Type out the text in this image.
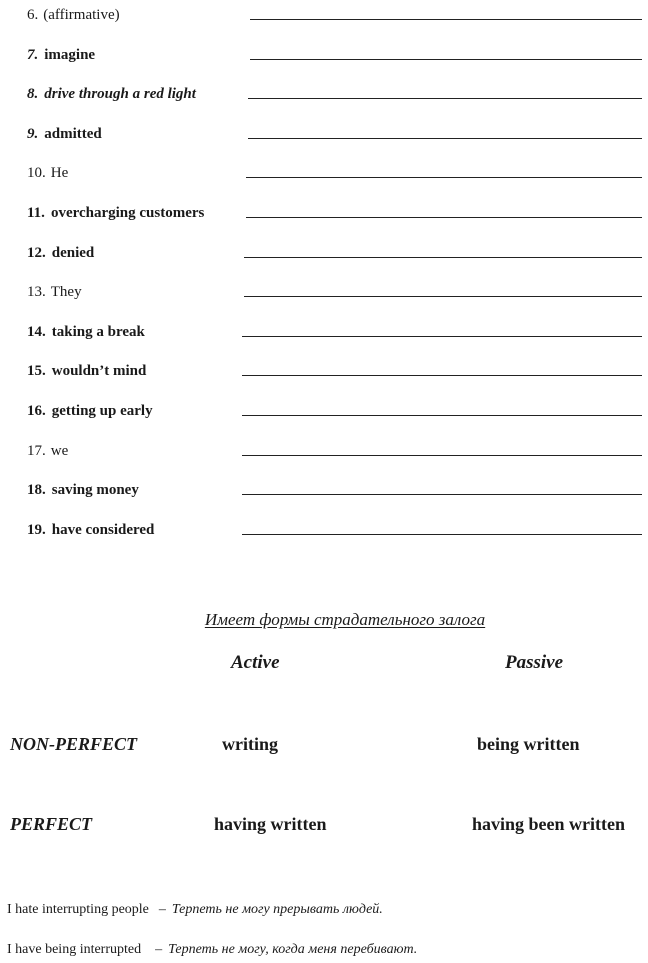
6. (affirmative)
7. imagine
8. drive through a red light
9. admitted
10. He
11. overcharging customers
12. denied
13. They
14. taking a break
15. wouldn’t mind
16. getting up early
17. we
18. saving money
19. have considered
Имеет формы страдательного залога
Active	Passive
NON-PERFECT	writing	being written
PERFECT	having written	having been written
I hate interrupting people – Терпеть не могу прерывать людей.
I have being interrupted – Терпеть не могу, когда меня перебивают.
